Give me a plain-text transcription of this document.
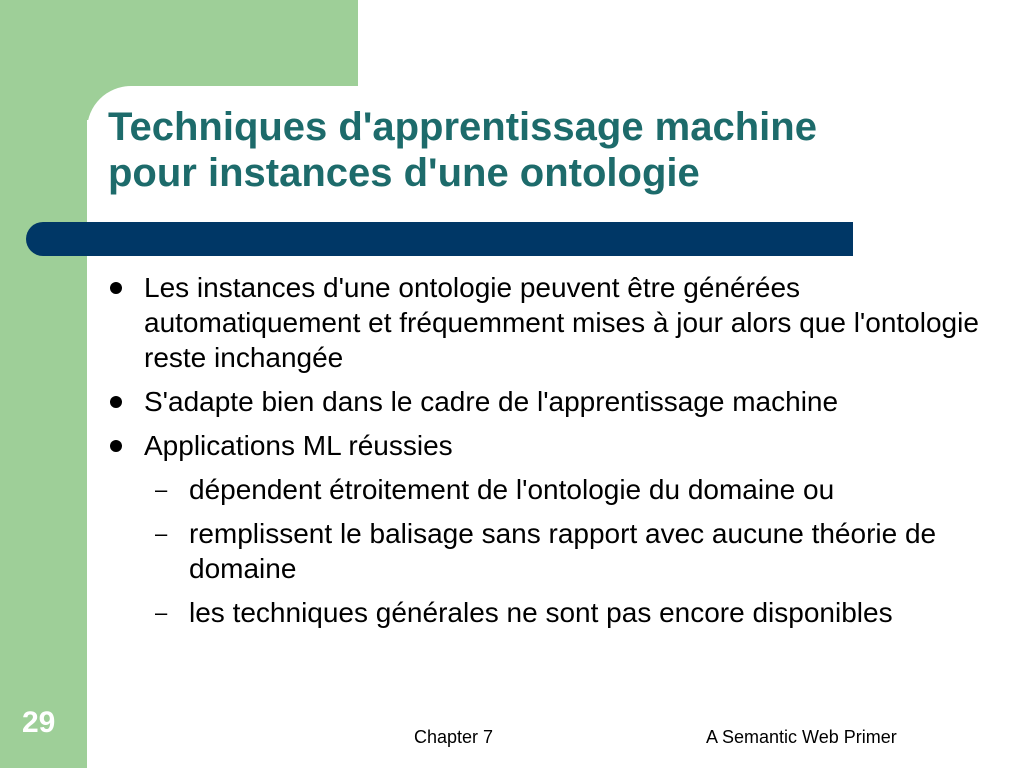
Techniques d'apprentissage machine
pour instances d'une ontologie
Les instances d'une ontologie peuvent être générées automatiquement et fréquemment mises à jour alors que l'ontologie reste inchangée
S'adapte bien dans le cadre de l'apprentissage machine
Applications ML réussies
– dépendent étroitement de l'ontologie du domaine ou
– remplissent le balisage sans rapport avec aucune théorie de domaine
– les techniques générales ne sont pas encore disponibles
29	Chapter 7	A Semantic Web Primer
